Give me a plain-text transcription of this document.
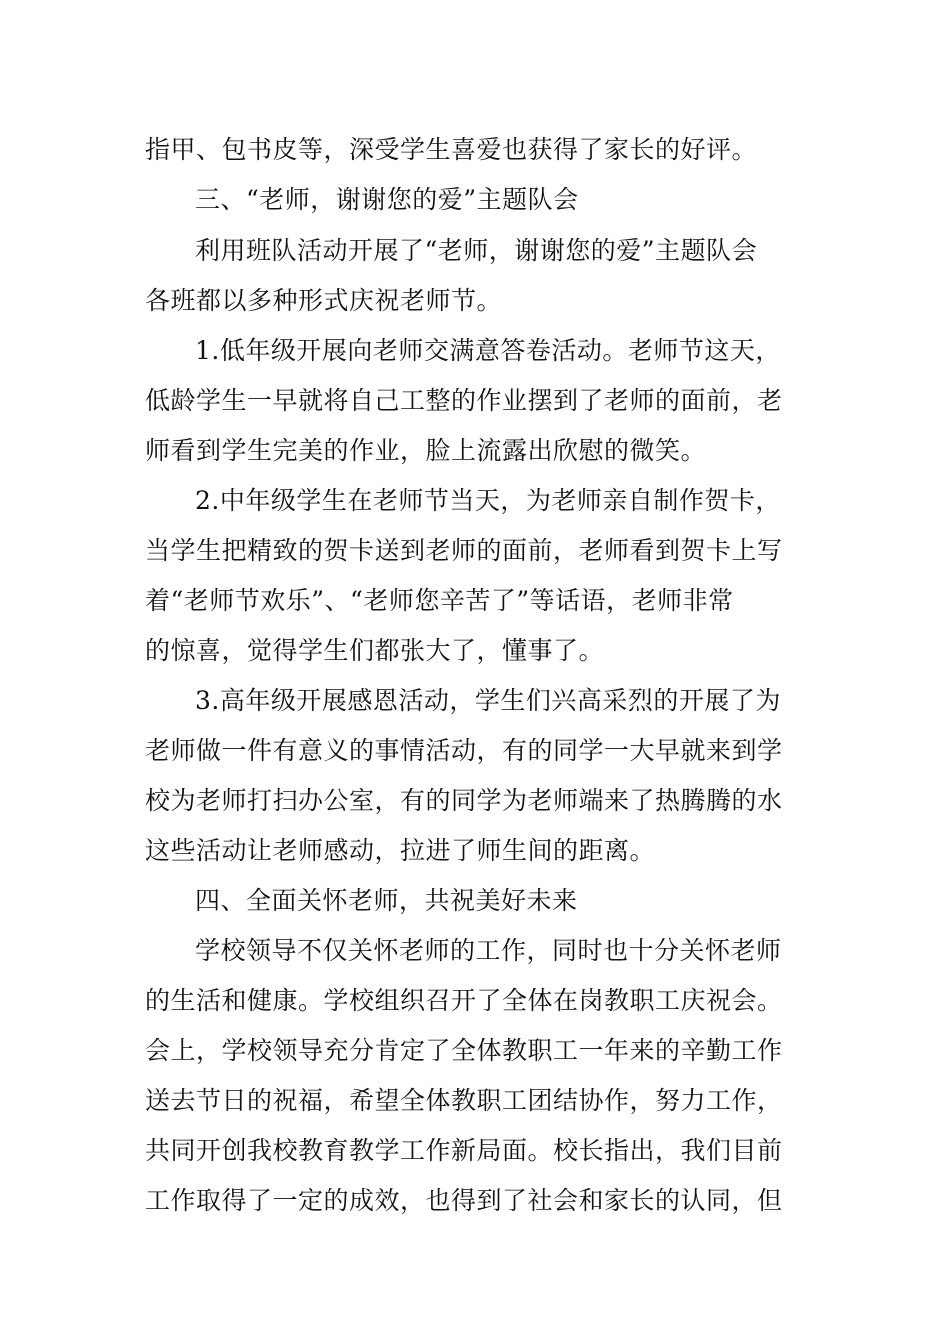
指甲、包书皮等，深受学生喜爱也获得了家长的好评。
三、“老师，谢谢您的爱”主题队会
利用班队活动开展了“老师，谢谢您的爱”主题队会
各班都以多种形式庆祝老师节。
1.低年级开展向老师交满意答卷活动。老师节这天，
低龄学生一早就将自己工整的作业摆到了老师的面前，老
师看到学生完美的作业，脸上流露出欣慰的微笑。
2.中年级学生在老师节当天，为老师亲自制作贺卡，
当学生把精致的贺卡送到老师的面前，老师看到贺卡上写
着“老师节欢乐”、“老师您辛苦了”等话语，老师非常
的惊喜，觉得学生们都张大了，懂事了。
3.高年级开展感恩活动，学生们兴高采烈的开展了为
老师做一件有意义的事情活动，有的同学一大早就来到学
校为老师打扫办公室，有的同学为老师端来了热腾腾的水
这些活动让老师感动，拉进了师生间的距离。
四、全面关怀老师，共祝美好未来
学校领导不仅关怀老师的工作，同时也十分关怀老师
的生活和健康。学校组织召开了全体在岗教职工庆祝会。
会上，学校领导充分肯定了全体教职工一年来的辛勤工作
送去节日的祝福，希望全体教职工团结协作，努力工作，
共同开创我校教育教学工作新局面。校长指出，我们目前
工作取得了一定的成效，也得到了社会和家长的认同，但
